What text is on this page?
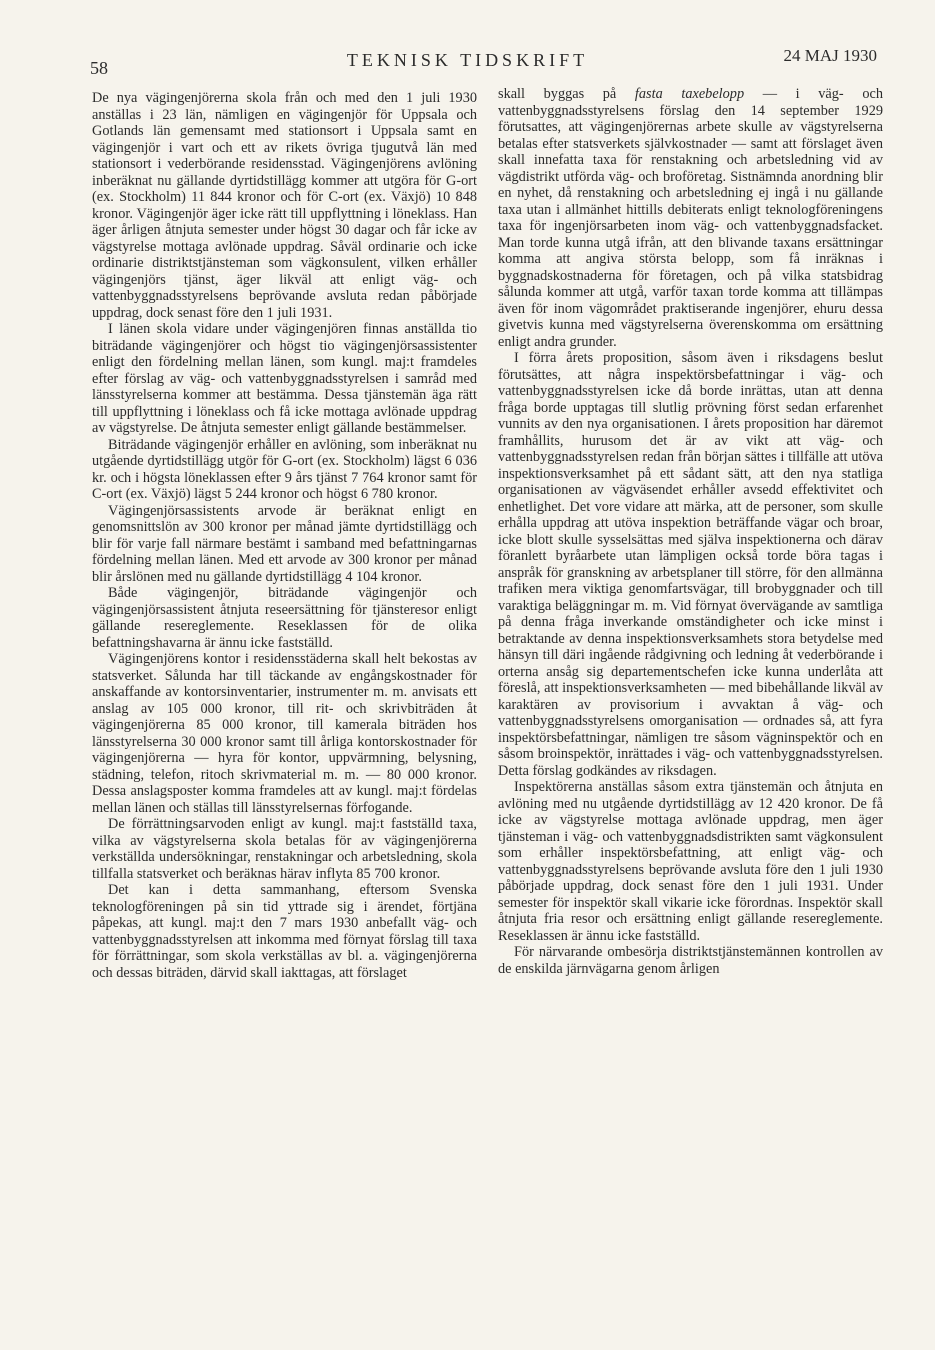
58	TEKNISK TIDSKRIFT	24 MAJ 1930

De nya vägingenjörerna skola från och med den 1 juli 1930 anställas i 23 län, nämligen en vägingenjör för Uppsala och Gotlands län gemensamt med stationsort i Uppsala samt en vägingenjör i vart och ett av rikets övriga tjugutvå län med stationsort i vederbörande residensstad. Vägingenjörens avlöning inberäknat nu gällande dyrtidstillägg kommer att utgöra för G-ort (ex. Stockholm) 11 844 kronor och för C-ort (ex. Växjö) 10 848 kronor. Vägingenjör äger icke rätt till uppflyttning i löneklass. Han äger årligen åtnjuta semester under högst 30 dagar och får icke av vägstyrelse mottaga avlönade uppdrag. Såväl ordinarie och icke ordinarie distriktstjänsteman som vägkonsulent, vilken erhåller vägingenjörs tjänst, äger likväl att enligt väg- och vattenbyggnadsstyrelsens beprövande avsluta redan påbörjade uppdrag, dock senast före den 1 juli 1931.

I länen skola vidare under vägingenjören finnas anställda tio biträdande vägingenjörer och högst tio vägingenjörsassistenter enligt den fördelning mellan länen, som kungl. maj:t framdeles efter förslag av väg- och vattenbyggnadsstyrelsen i samråd med länsstyrelserna kommer att bestämma. Dessa tjänstemän äga rätt till uppflyttning i löneklass och få icke mottaga avlönade uppdrag av vägstyrelse. De åtnjuta semester enligt gällande bestämmelser.

Biträdande vägingenjör erhåller en avlöning, som inberäknat nu utgående dyrtidstillägg utgör för G-ort (ex. Stockholm) lägst 6 036 kr. och i högsta löneklassen efter 9 års tjänst 7 764 kronor samt för C-ort (ex. Växjö) lägst 5 244 kronor och högst 6 780 kronor.

Vägingenjörsassistents arvode är beräknat enligt en genomsnittslön av 300 kronor per månad jämte dyrtidstillägg och blir för varje fall närmare bestämt i samband med befattningarnas fördelning mellan länen. Med ett arvode av 300 kronor per månad blir årslönen med nu gällande dyrtidstillägg 4 104 kronor.

Både vägingenjör, biträdande vägingenjör och vägingenjörsassistent åtnjuta reseersättning för tjänsteresor enligt gällande resereglemente. Reseklassen för de olika befattningshavarna är ännu icke fastställd.

Vägingenjörens kontor i residensstäderna skall helt bekostas av statsverket. Sålunda har till täckande av engångskostnader för anskaffande av kontorsinventarier, instrumenter m. m. anvisats ett anslag av 105 000 kronor, till rit- och skrivbiträden åt vägingenjörerna 85 000 kronor, till kamerala biträden hos länsstyrelserna 30 000 kronor samt till årliga kontorskostnader för vägingenjörerna — hyra för kontor, uppvärmning, belysning, städning, telefon, ritoch skrivmaterial m. m. — 80 000 kronor. Dessa anslagsposter komma framdeles att av kungl. maj:t fördelas mellan länen och ställas till länsstyrelsernas förfogande.

De förrättningsarvoden enligt av kungl. maj:t fastställd taxa, vilka av vägstyrelserna skola betalas för av vägingenjörerna verkställda undersökningar, renstakningar och arbetsledning, skola tillfalla statsverket och beräknas härav inflyta 85 700 kronor.

Det kan i detta sammanhang, eftersom Svenska teknologföreningen på sin tid yttrade sig i ärendet, förtjäna påpekas, att kungl. maj:t den 7 mars 1930 anbefallt väg- och vattenbyggnadsstyrelsen att inkomma med förnyat förslag till taxa för förrättningar, som skola verkställas av bl. a. vägingenjörerna och dessas biträden, därvid skall iakttagas, att förslaget

skall byggas på fasta taxebelopp — i väg- och vattenbyggnadsstyrelsens förslag den 14 september 1929 förutsattes, att vägingenjörernas arbete skulle av vägstyrelserna betalas efter statsverkets självkostnader — samt att förslaget även skall innefatta taxa för renstakning och arbetsledning vid av vägdistrikt utförda väg- och broföretag. Sistnämnda anordning blir en nyhet, då renstakning och arbetsledning ej ingå i nu gällande taxa utan i allmänhet hittills debiterats enligt teknologföreningens taxa för ingenjörsarbeten inom väg- och vattenbyggnadsfacket. Man torde kunna utgå ifrån, att den blivande taxans ersättningar komma att angiva största belopp, som få inräknas i byggnadskostnaderna för företagen, och på vilka statsbidrag sålunda kommer att utgå, varför taxan torde komma att tillämpas även för inom vägområdet praktiserande ingenjörer, ehuru dessa givetvis kunna med vägstyrelserna överenskomma om ersättning enligt andra grunder.

I förra årets proposition, såsom även i riksdagens beslut förutsättes, att några inspektörsbefattningar i väg- och vattenbyggnadsstyrelsen icke då borde inrättas, utan att denna fråga borde upptagas till slutlig prövning först sedan erfarenhet vunnits av den nya organisationen. I årets proposition har däremot framhållits, hurusom det är av vikt att väg- och vattenbyggnadsstyrelsen redan från början sättes i tillfälle att utöva inspektionsverksamhet på ett sådant sätt, att den nya statliga organisationen av vägväsendet erhåller avsedd effektivitet och enhetlighet. Det vore vidare att märka, att de personer, som skulle erhålla uppdrag att utöva inspektion beträffande vägar och broar, icke blott skulle sysselsättas med själva inspektionerna och därav föranlett byråarbete utan lämpligen också torde böra tagas i anspråk för granskning av arbetsplaner till större, för den allmänna trafiken mera viktiga genomfartsvägar, till brobyggnader och till varaktiga beläggningar m. m. Vid förnyat övervägande av samtliga på denna fråga inverkande omständigheter och icke minst i betraktande av denna inspektionsverksamhets stora betydelse med hänsyn till däri ingående rådgivning och ledning åt vederbörande i orterna ansåg sig departementschefen icke kunna underlåta att föreslå, att inspektionsverksamheten — med bibehållande likväl av karaktären av provisorium i avvaktan å väg- och vattenbyggnadsstyrelsens omorganisation — ordnades så, att fyra inspektörsbefattningar, nämligen tre såsom vägninspektör och en såsom broinspektör, inrättades i väg- och vattenbyggnadsstyrelsen. Detta förslag godkändes av riksdagen.

Inspektörerna anställas såsom extra tjänstemän och åtnjuta en avlöning med nu utgående dyrtidstillägg av 12 420 kronor. De få icke av vägstyrelse mottaga avlönade uppdrag, men äger tjänsteman i väg- och vattenbyggnadsdistrikten samt vägkonsulent som erhåller inspektörsbefattning, att enligt väg- och vattenbyggnadsstyrelsens beprövande avsluta före den 1 juli 1930 påbörjade uppdrag, dock senast före den 1 juli 1931. Under semester för inspektör skall vikarie icke förordnas. Inspektör skall åtnjuta fria resor och ersättning enligt gällande resereglemente. Reseklassen är ännu icke fastställd.

För närvarande ombesörja distriktstjänstemännen kontrollen av de enskilda järnvägarna genom årligen
